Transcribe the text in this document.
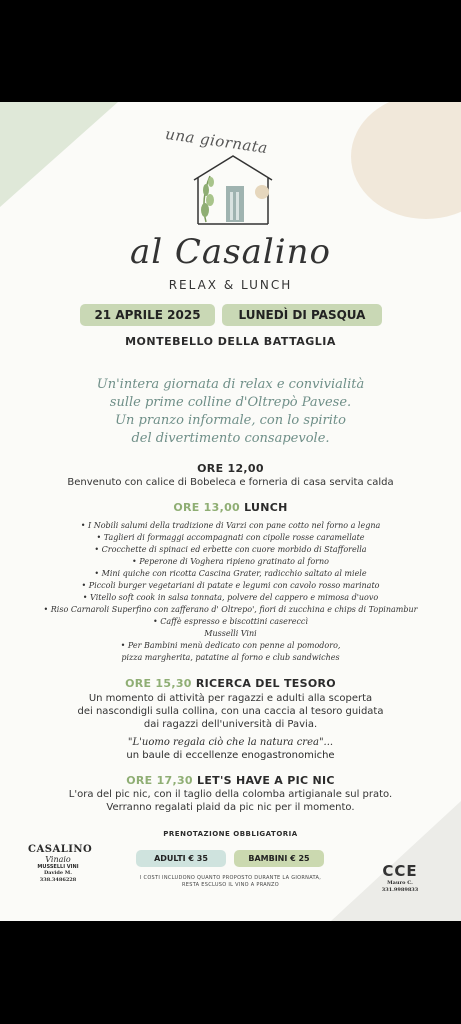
una giornata
al Casalino
RELAX & LUNCH
21 APRILE 2025	LUNEDÌ DI PASQUA
MONTEBELLO DELLA BATTAGLIA
Un'intera giornata di relax e convivialità
sulle prime colline d'Oltrepò Pavese.
Un pranzo informale, con lo spirito
del divertimento consapevole.
ORE 12,00
Benvenuto con calice di Bobeleca e forneria di casa servita calda
ORE 13,00 LUNCH
• I Nobili salumi della tradizione di Varzi con pane cotto nel forno a legna
• Taglieri di formaggi accompagnati con cipolle rosse caramellate
• Crocchette di spinaci ed erbette con cuore morbido di Stafforella
• Peperone di Voghera ripieno gratinato al forno
• Mini quiche con ricotta Cascina Grater, radicchio saltato al miele
• Piccoli burger vegetariani di patate e legumi con cavolo rosso marinato
• Vitello soft cook in salsa tonnata, polvere del cappero e mimosa d'uovo
• Riso Carnaroli Superfino con zafferano d' Oltrepo', fiori di zucchina e chips di Topinambur
• Caffè espresso e biscottini casereccì
Musselli Vini
• Per Bambini menù dedicato con penne al pomodoro,
pizza margherita, patatine al forno e club sandwiches
ORE 15,30 RICERCA DEL TESORO
Un momento di attività per ragazzi e adulti alla scoperta
dei nascondigli sulla collina, con una caccia al tesoro guidata
dai ragazzi dell'università di Pavia.
"L'uomo regala ciò che la natura crea"...
un baule di eccellenze enogastronomiche
ORE 17,30 LET'S HAVE A PIC NIC
L'ora del pic nic, con il taglio della colomba artigianale sul prato.
Verranno regalati plaid da pic nic per il momento.
PRENOTAZIONE OBBLIGATORIA
ADULTI € 35	BAMBINI € 25
I COSTI INCLUDONO QUANTO PROPOSTO DURANTE LA GIORNATA,
RESTA ESCLUSO IL VINO A PRANZO
CASALINO
Vinaio
MUSSELLI VINI
Davide M.
338.3486228	CCE
Mauro C.
331.9989833
